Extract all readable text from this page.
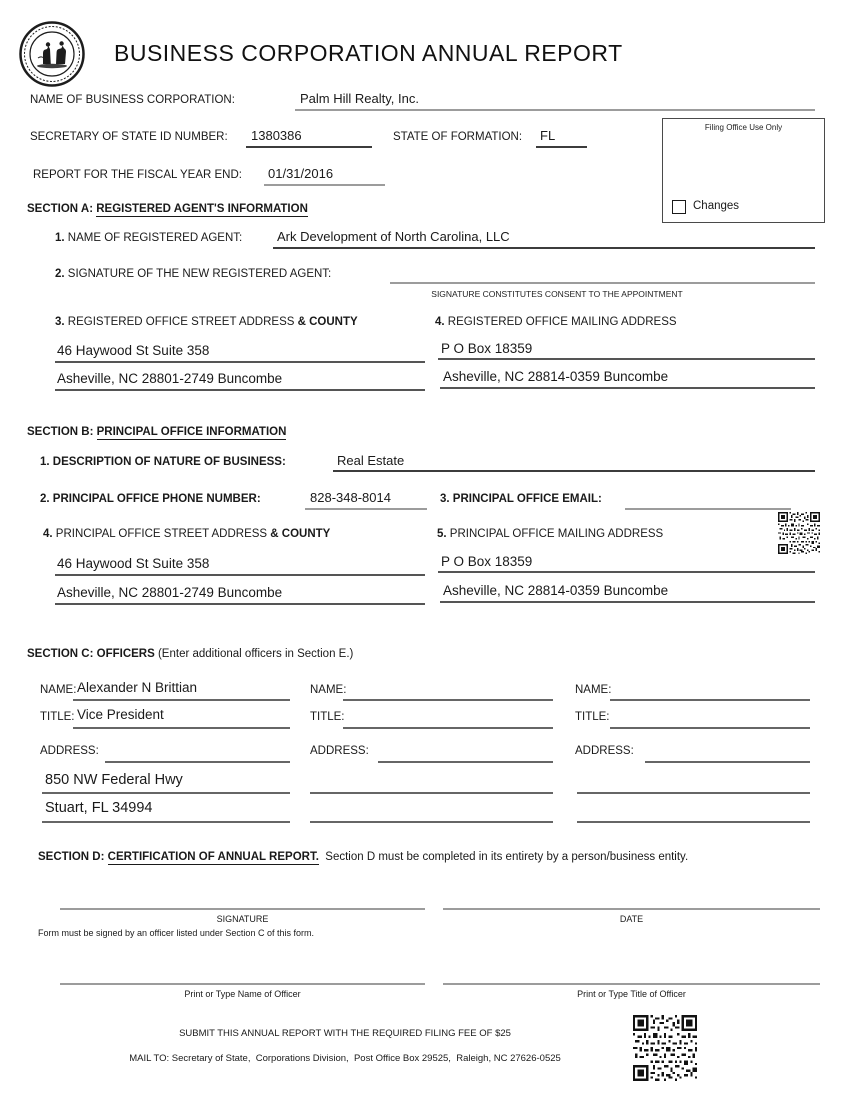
BUSINESS CORPORATION ANNUAL REPORT
NAME OF BUSINESS CORPORATION:	Palm Hill Realty, Inc.
SECRETARY OF STATE ID NUMBER: 1380386	STATE OF FORMATION: FL
Filing Office Use Only
Changes
REPORT FOR THE FISCAL YEAR END: 01/31/2016
SECTION A: REGISTERED AGENT'S INFORMATION
1. NAME OF REGISTERED AGENT:	Ark Development of North Carolina, LLC
2. SIGNATURE OF THE NEW REGISTERED AGENT:
SIGNATURE CONSTITUTES CONSENT TO THE APPOINTMENT
3. REGISTERED OFFICE STREET ADDRESS & COUNTY	4. REGISTERED OFFICE MAILING ADDRESS
46 Haywood St Suite 358
Asheville, NC 28801-2749 Buncombe
P O Box 18359
Asheville, NC 28814-0359 Buncombe
SECTION B: PRINCIPAL OFFICE INFORMATION
1. DESCRIPTION OF NATURE OF BUSINESS:	Real Estate
2. PRINCIPAL OFFICE PHONE NUMBER:	828-348-8014	3. PRINCIPAL OFFICE EMAIL:
4. PRINCIPAL OFFICE STREET ADDRESS & COUNTY	5. PRINCIPAL OFFICE MAILING ADDRESS
46 Haywood St Suite 358
Asheville, NC 28801-2749 Buncombe
P O Box 18359
Asheville, NC 28814-0359 Buncombe
SECTION C: OFFICERS (Enter additional officers in Section E.)
NAME: Alexander N Brittian
TITLE: Vice President
ADDRESS:
850 NW Federal Hwy
Stuart, FL 34994
NAME:
TITLE:
ADDRESS:
NAME:
TITLE:
ADDRESS:
SECTION D: CERTIFICATION OF ANNUAL REPORT.  Section D must be completed in its entirety by a person/business entity.
SIGNATURE	DATE
Form must be signed by an officer listed under Section C of this form.
Print or Type Name of Officer	Print or Type Title of Officer
SUBMIT THIS ANNUAL REPORT WITH THE REQUIRED FILING FEE OF $25
MAIL TO: Secretary of State,  Corporations Division,  Post Office Box 29525,  Raleigh, NC 27626-0525
